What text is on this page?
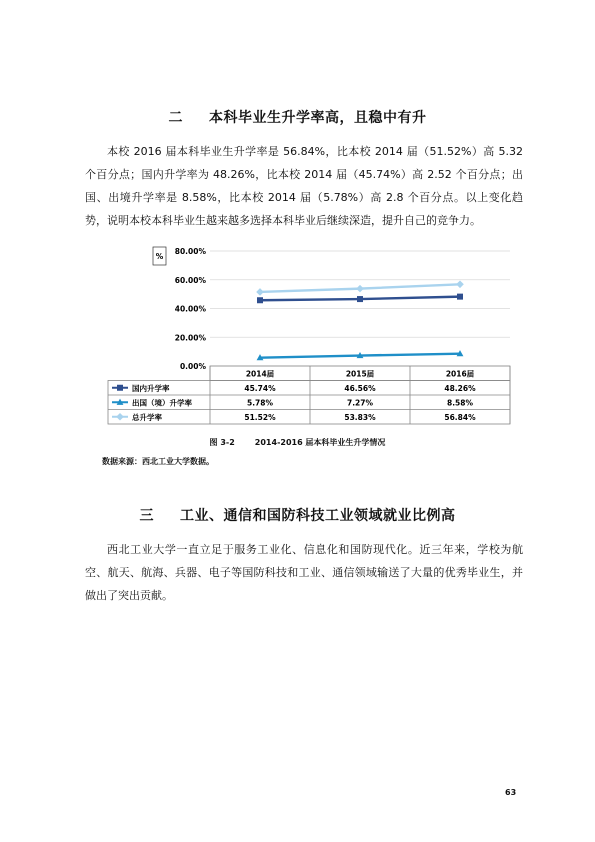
二 本科毕业生升学率高，且稳中有升

本校 2016 届本科毕业生升学率是 56.84%，比本校 2014 届（51.52%）高 5.32 个百分点；国内升学率为 48.26%，比本校 2014 届（45.74%）高 2.52 个百分点；出国、出境升学率是 8.58%，比本校 2014 届（5.78%）高 2.8 个百分点。以上变化趋势，说明本校本科毕业生越来越多选择本科毕业后继续深造，提升自己的竞争力。

0.00%
20.00%
40.00%
60.00%
80.00%
%
2014届	2015届	2016届
国内升学率	45.74%	46.56%	48.26%
出国（境）升学率	5.78%	7.27%	8.58%
总升学率	51.52%	53.83%	56.84%
图 3-2	2014-2016 届本科毕业生升学情况
数据来源：西北工业大学数据。
三 工业、通信和国防科技工业领域就业比例高

西北工业大学一直立足于服务工业化、信息化和国防现代化。近三年来，学校为航空、航天、航海、兵器、电子等国防科技和工业、通信领域输送了大量的优秀毕业生，并做出了突出贡献。

63
